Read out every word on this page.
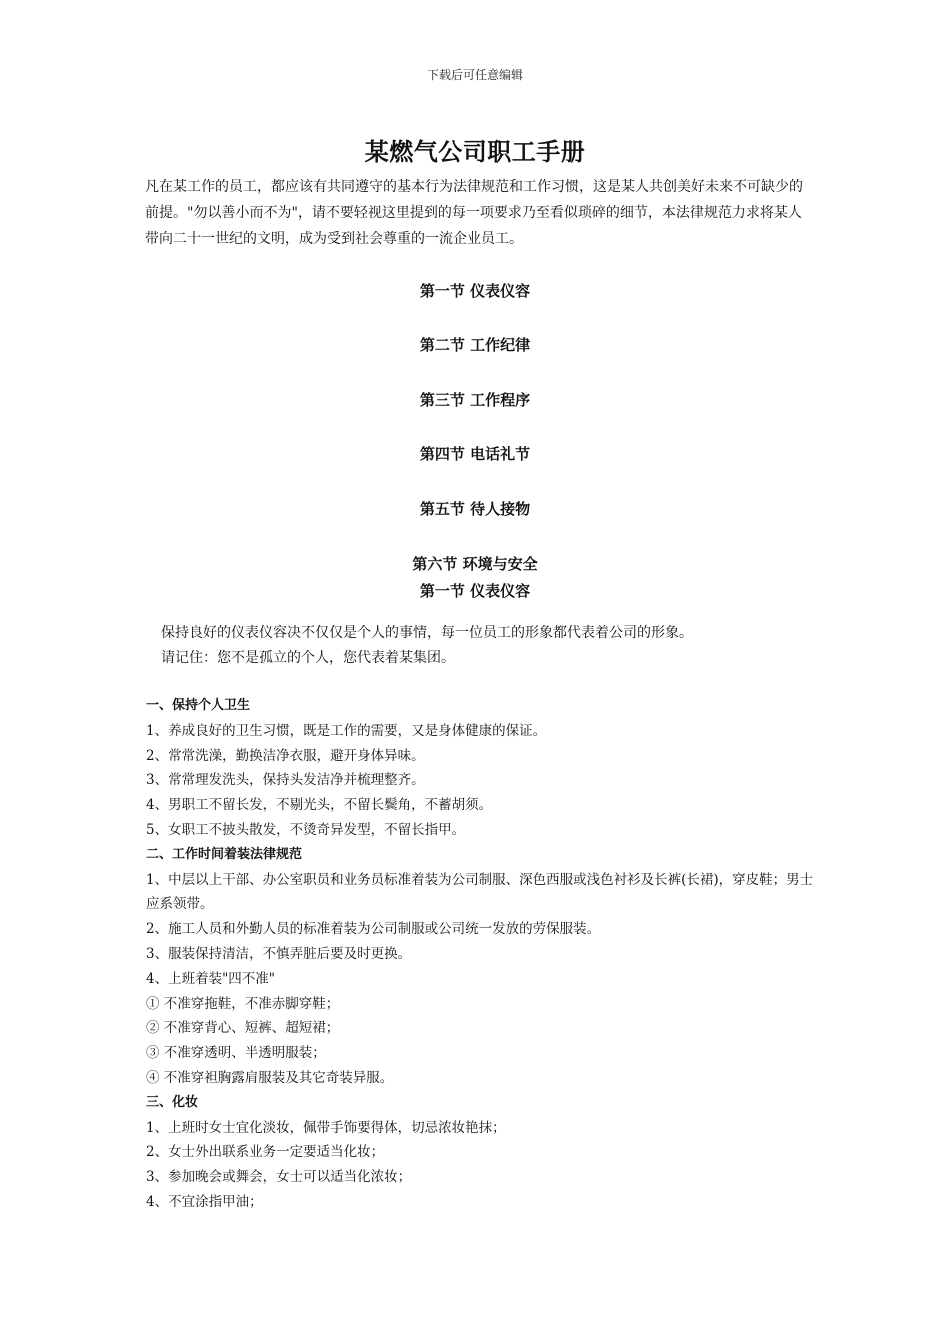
下载后可任意编辑
某燃气公司职工手册
凡在某工作的员工，都应该有共同遵守的基本行为法律规范和工作习惯，这是某人共创美好未来不可缺少的前提。"勿以善小而不为"，请不要轻视这里提到的每一项要求乃至看似琐碎的细节，本法律规范力求将某人带向二十一世纪的文明，成为受到社会尊重的一流企业员工。
第一节 仪表仪容
第二节 工作纪律
第三节 工作程序
第四节 电话礼节
第五节 待人接物
第六节 环境与安全
第一节 仪表仪容
保持良好的仪表仪容决不仅仅是个人的事情，每一位员工的形象都代表着公司的形象。
请记住：您不是孤立的个人，您代表着某集团。
一、保持个人卫生
1、养成良好的卫生习惯，既是工作的需要，又是身体健康的保证。
2、常常洗澡，勤换洁净衣服，避开身体异味。
3、常常理发洗头，保持头发洁净并梳理整齐。
4、男职工不留长发，不剔光头，不留长鬓角，不蓄胡须。
5、女职工不披头散发，不烫奇异发型，不留长指甲。
二、工作时间着装法律规范
1、中层以上干部、办公室职员和业务员标准着装为公司制服、深色西服或浅色衬衫及长裤(长裙)，穿皮鞋；男士应系领带。
2、施工人员和外勤人员的标准着装为公司制服或公司统一发放的劳保服装。
3、服装保持清洁，不慎弄脏后要及时更换。
4、上班着装"四不准"
① 不准穿拖鞋，不准赤脚穿鞋；
② 不准穿背心、短裤、超短裙；
③ 不准穿透明、半透明服装；
④ 不准穿袒胸露肩服装及其它奇装异服。
三、化妆
1、上班时女士宜化淡妆，佩带手饰要得体，切忌浓妆艳抹；
2、女士外出联系业务一定要适当化妆；
3、参加晚会或舞会，女士可以适当化浓妆；
4、不宜涂指甲油；
